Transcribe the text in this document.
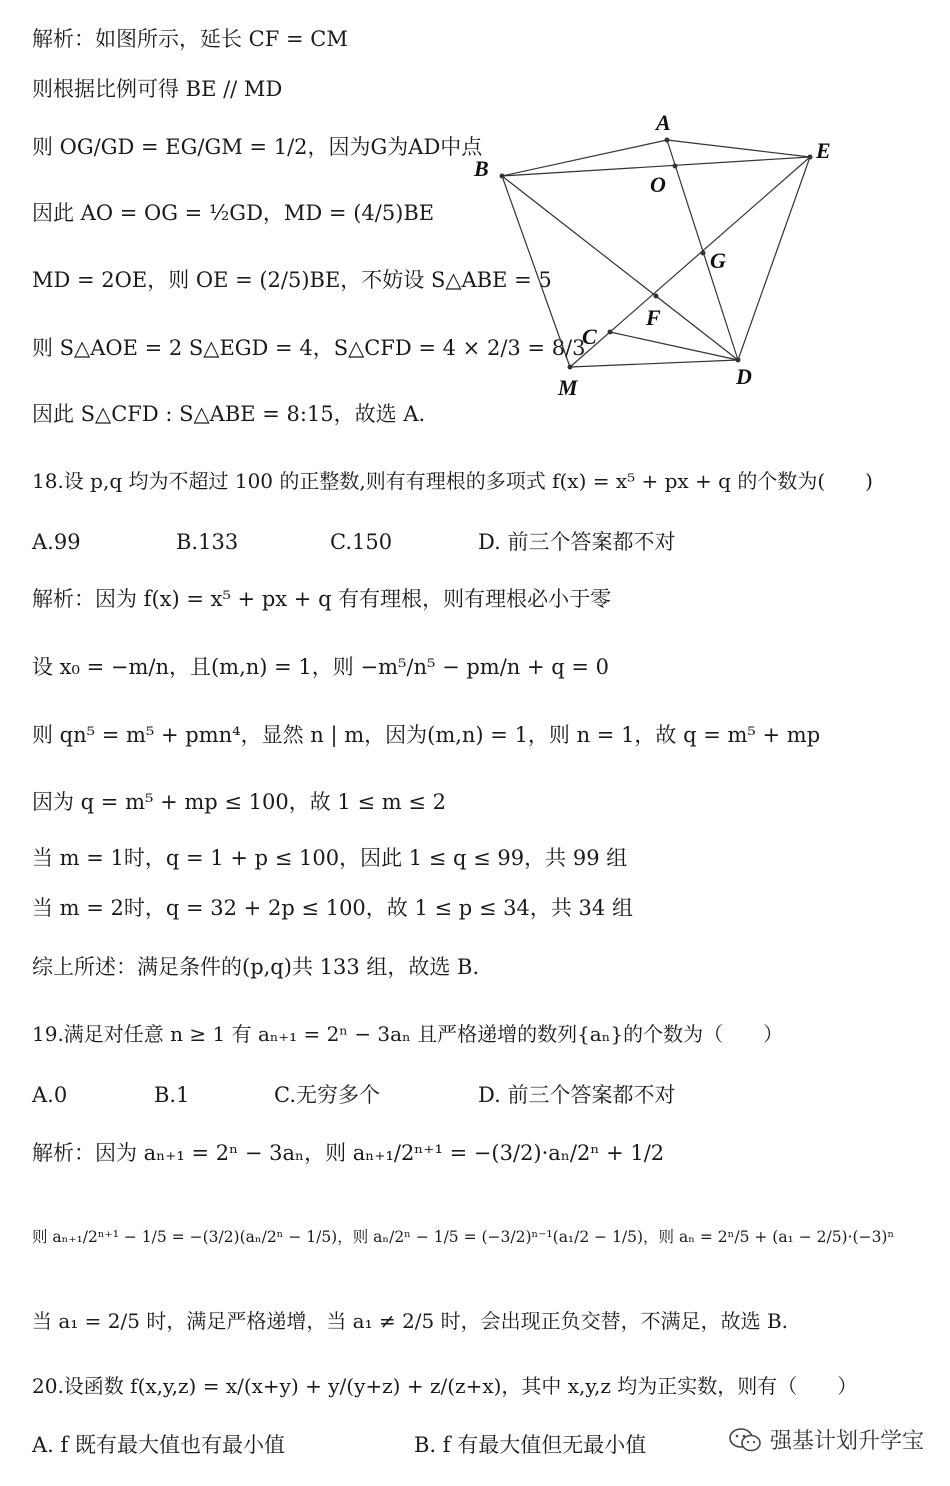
解析：如图所示，延长 CF = CM
则根据比例可得 BE // MD
则 OG/GD = EG/GM = 1/2，因为G为AD中点
因此 AO = OG = ½GD，MD = (4/5)BE
MD = 2OE，则 OE = (2/5)BE，不妨设 S△ABE = 5
则 S△AOE = 2 S△EGD = 4，S△CFD = 4 × 2/3 = 8/3
因此 S△CFD : S△ABE = 8:15，故选 A.
A
B
E
O
G
F
C
M	D
18.设 p,q 均为不超过 100 的正整数,则有有理根的多项式 f(x) = x⁵ + px + q 的个数为(　　)
A.99	B.133	C.150	D. 前三个答案都不对
解析：因为 f(x) = x⁵ + px + q 有有理根，则有理根必小于零
设 x₀ = −m/n，且(m,n) = 1，则 −m⁵/n⁵ − pm/n + q = 0
则 qn⁵ = m⁵ + pmn⁴，显然 n | m，因为(m,n) = 1，则 n = 1，故 q = m⁵ + mp
因为 q = m⁵ + mp ≤ 100，故 1 ≤ m ≤ 2
当 m = 1时，q = 1 + p ≤ 100，因此 1 ≤ q ≤ 99，共 99 组
当 m = 2时，q = 32 + 2p ≤ 100，故 1 ≤ p ≤ 34，共 34 组
综上所述：满足条件的(p,q)共 133 组，故选 B.
19.满足对任意 n ≥ 1 有 aₙ₊₁ = 2ⁿ − 3aₙ 且严格递增的数列{aₙ}的个数为（　　）
A.0	B.1	C.无穷多个	D. 前三个答案都不对
解析：因为 aₙ₊₁ = 2ⁿ − 3aₙ，则 aₙ₊₁/2ⁿ⁺¹ = −(3/2)·aₙ/2ⁿ + 1/2
则 aₙ₊₁/2ⁿ⁺¹ − 1/5 = −(3/2)(aₙ/2ⁿ − 1/5)，则 aₙ/2ⁿ − 1/5 = (−3/2)ⁿ⁻¹(a₁/2 − 1/5)，则 aₙ = 2ⁿ/5 + (a₁ − 2/5)·(−3)ⁿ
当 a₁ = 2/5 时，满足严格递增，当 a₁ ≠ 2/5 时，会出现正负交替，不满足，故选 B.
20.设函数 f(x,y,z) = x/(x+y) + y/(y+z) + z/(z+x)，其中 x,y,z 均为正实数，则有（　　）
A. f 既有最大值也有最小值	B. f 有最大值但无最小值	强基计划升学宝
